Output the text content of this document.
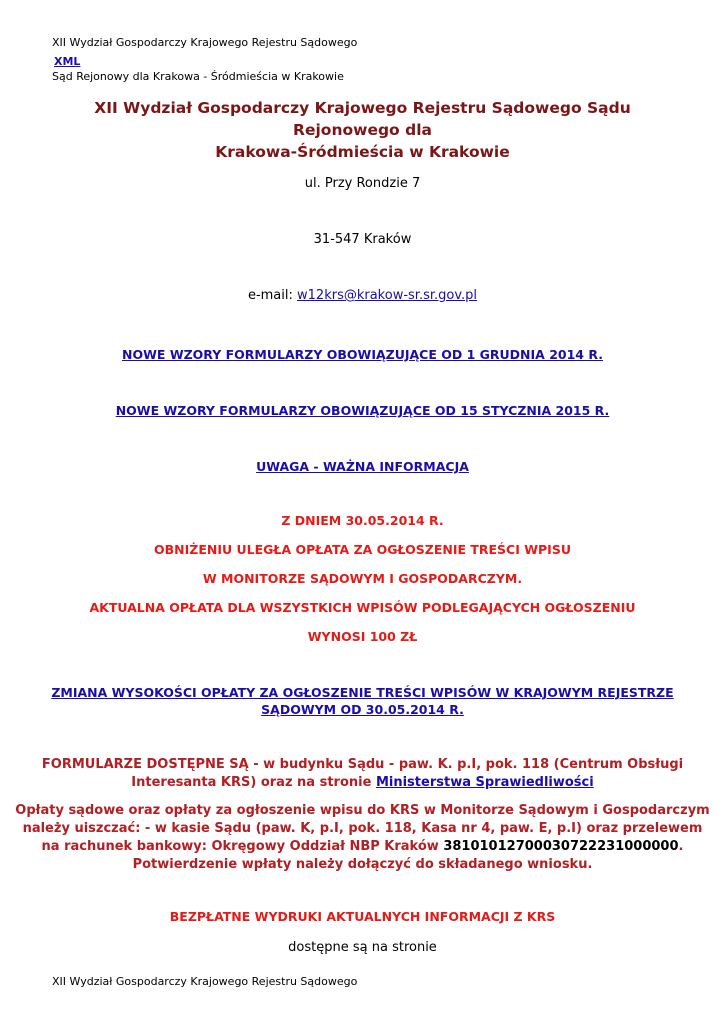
XII Wydział Gospodarczy Krajowego Rejestru Sądowego
XML
Sąd Rejonowy dla Krakowa - Śródmieścia w Krakowie
XII Wydział Gospodarczy Krajowego Rejestru Sądowego Sądu Rejonowego dla
Krakowa-Śródmieścia w Krakowie
ul. Przy Rondzie 7
31-547 Kraków
e-mail: w12krs@krakow-sr.sr.gov.pl
NOWE WZORY FORMULARZY OBOWIĄZUJĄCE OD 1 GRUDNIA 2014 R.
NOWE WZORY FORMULARZY OBOWIĄZUJĄCE OD 15 STYCZNIA 2015 R.
UWAGA - WAŻNA INFORMACJA
Z DNIEM 30.05.2014 R.
OBNIŻENIU ULEGŁA OPŁATA ZA OGŁOSZENIE TREŚCI WPISU
W MONITORZE SĄDOWYM I GOSPODARCZYM.
AKTUALNA OPŁATA DLA WSZYSTKICH WPISÓW PODLEGAJĄCYCH OGŁOSZENIU
WYNOSI 100 ZŁ
ZMIANA WYSOKOŚCI OPŁATY ZA OGŁOSZENIE TREŚCI WPISÓW W KRAJOWYM REJESTRZE
SĄDOWYM OD 30.05.2014 R.
FORMULARZE DOSTĘPNE SĄ - w budynku Sądu - paw. K. p.I, pok. 118 (Centrum Obsługi
Interesanta KRS) oraz na stronie Ministerstwa Sprawiedliwości
Opłaty sądowe oraz opłaty za ogłoszenie wpisu do KRS w Monitorze Sądowym i Gospodarczym
należy uiszczać: - w kasie Sądu (paw. K, p.I, pok. 118, Kasa nr 4, paw. E, p.I) oraz przelewem
na rachunek bankowy: Okręgowy Oddział NBP Kraków 38101012700030722231000000.
Potwierdzenie wpłaty należy dołączyć do składanego wniosku.
BEZPŁATNE WYDRUKI AKTUALNYCH INFORMACJI Z KRS
dostępne są na stronie
XII Wydział Gospodarczy Krajowego Rejestru Sądowego
